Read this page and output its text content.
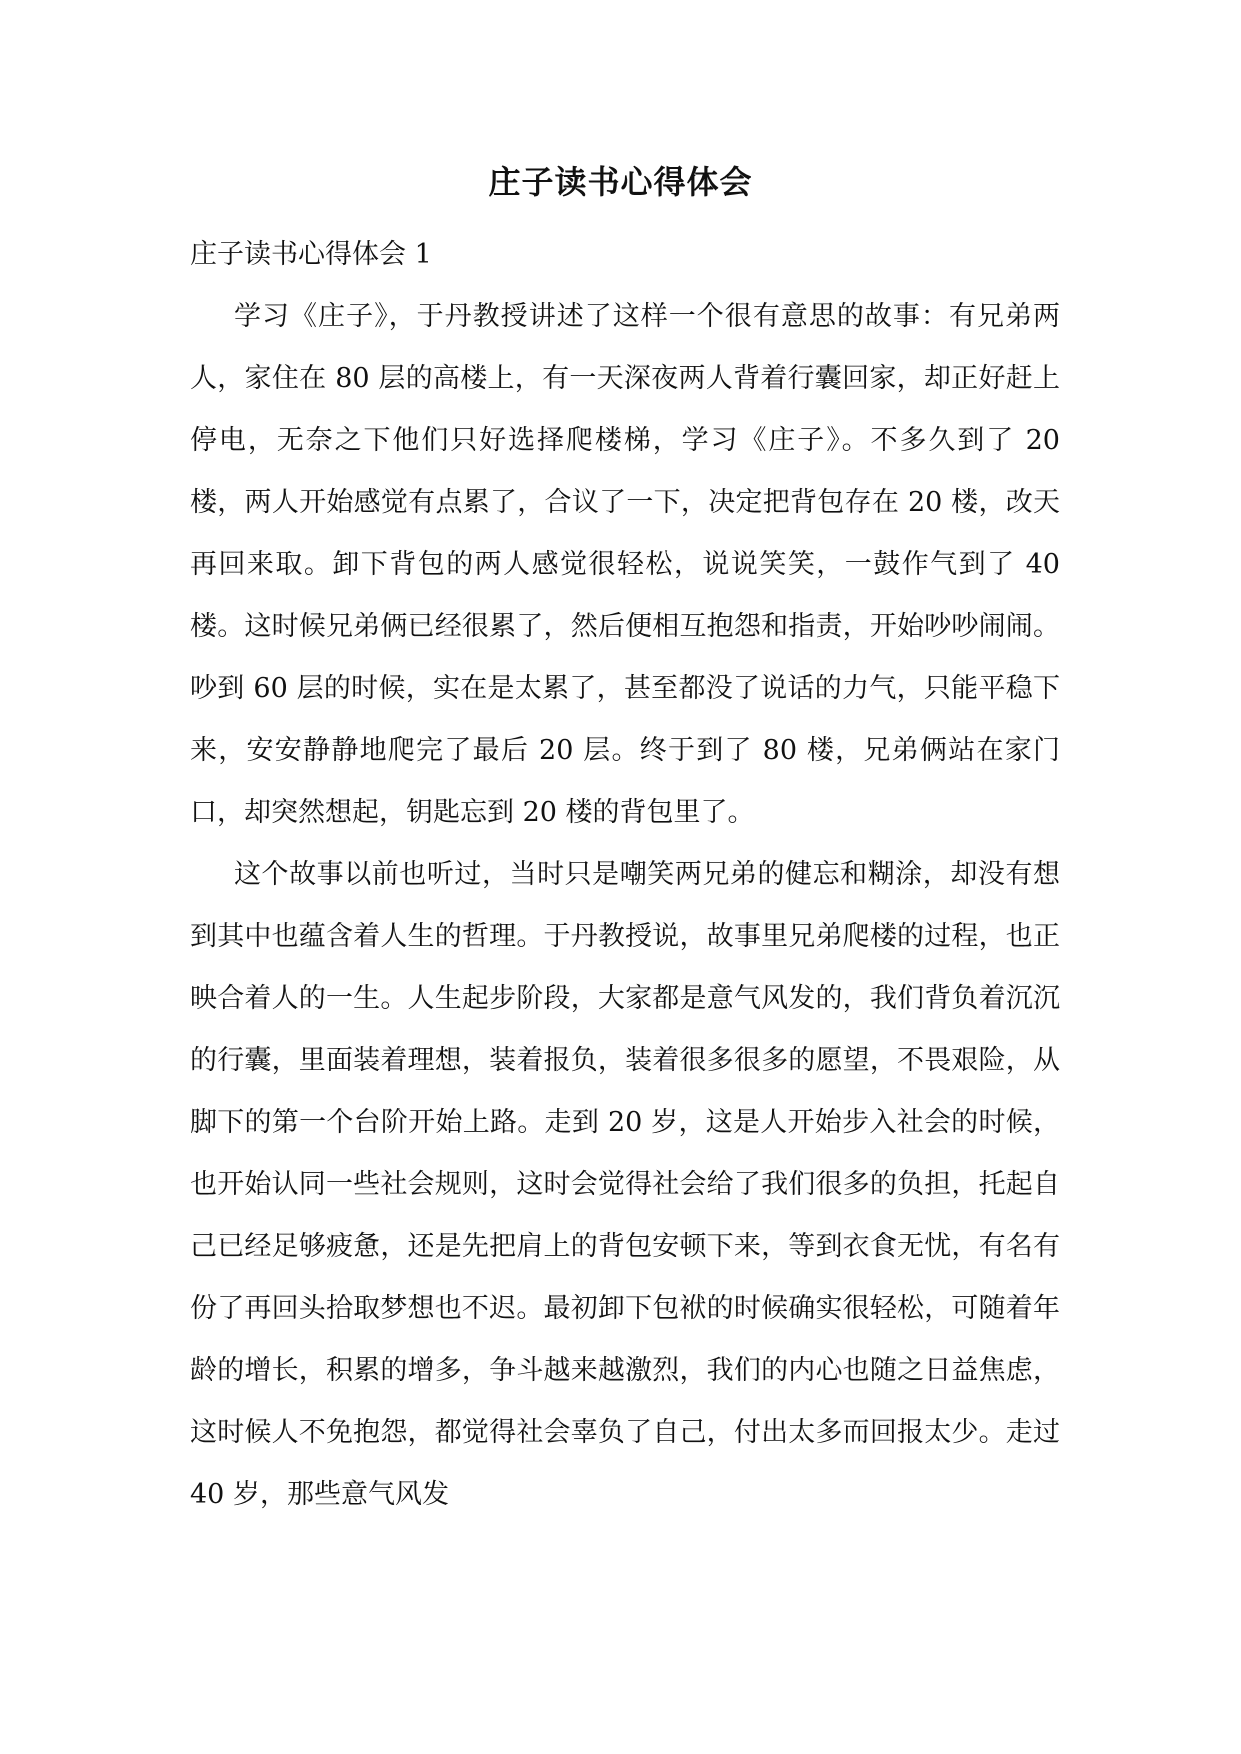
庄子读书心得体会

庄子读书心得体会 1

学习《庄子》，于丹教授讲述了这样一个很有意思的故事：有兄弟两人，家住在 80 层的高楼上，有一天深夜两人背着行囊回家，却正好赶上停电，无奈之下他们只好选择爬楼梯，学习《庄子》。不多久到了 20 楼，两人开始感觉有点累了，合议了一下，决定把背包存在 20 楼，改天再回来取。卸下背包的两人感觉很轻松，说说笑笑，一鼓作气到了 40 楼。这时候兄弟俩已经很累了，然后便相互抱怨和指责，开始吵吵闹闹。吵到 60 层的时候，实在是太累了，甚至都没了说话的力气，只能平稳下来，安安静静地爬完了最后 20 层。终于到了 80 楼，兄弟俩站在家门口，却突然想起，钥匙忘到 20 楼的背包里了。

这个故事以前也听过，当时只是嘲笑两兄弟的健忘和糊涂，却没有想到其中也蕴含着人生的哲理。于丹教授说，故事里兄弟爬楼的过程，也正映合着人的一生。人生起步阶段，大家都是意气风发的，我们背负着沉沉的行囊，里面装着理想，装着报负，装着很多很多的愿望，不畏艰险，从脚下的第一个台阶开始上路。走到 20 岁，这是人开始步入社会的时候，也开始认同一些社会规则，这时会觉得社会给了我们很多的负担，托起自己已经足够疲惫，还是先把肩上的背包安顿下来，等到衣食无忧，有名有份了再回头拾取梦想也不迟。最初卸下包袱的时候确实很轻松，可随着年龄的增长，积累的增多，争斗越来越激烈，我们的内心也随之日益焦虑，这时候人不免抱怨，都觉得社会辜负了自己，付出太多而回报太少。走过 40 岁，那些意气风发
